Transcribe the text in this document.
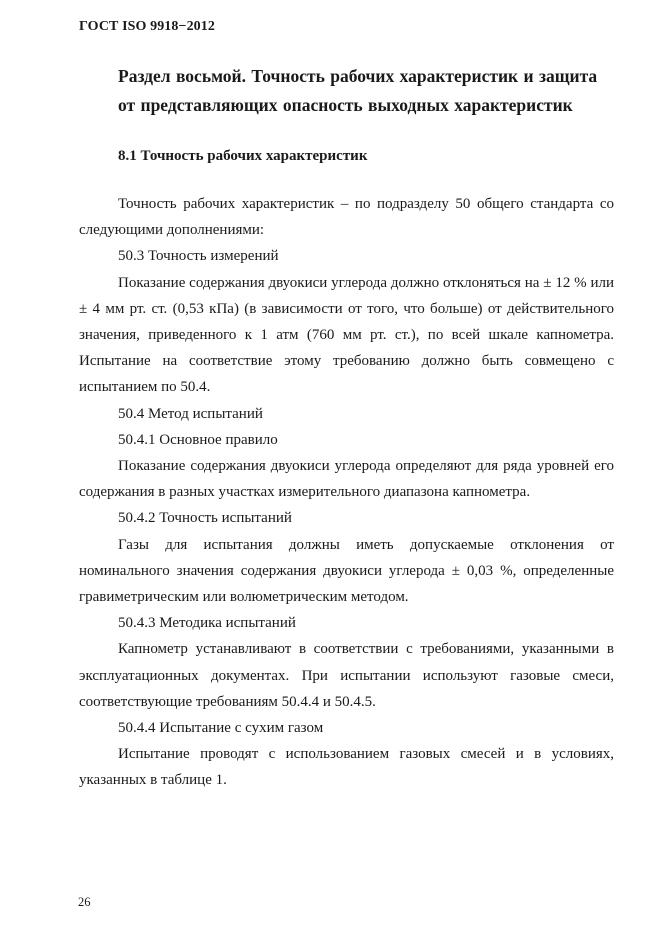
ГОСТ ISO 9918−2012
Раздел восьмой. Точность рабочих характеристик и защита от представляющих опасность выходных характеристик
8.1 Точность рабочих характеристик

Точность рабочих характеристик – по подразделу 50 общего стандарта со следующими дополнениями:

50.3 Точность измерений

Показание содержания двуокиси углерода должно отклоняться на ± 12 % или ± 4 мм рт. ст. (0,53 кПа) (в зависимости от того, что больше) от действительного значения, приведенного к 1 атм (760 мм рт. ст.), по всей шкале капнометра. Испытание на соответствие этому требованию должно быть совмещено с испытанием по 50.4.

50.4 Метод испытаний

50.4.1 Основное правило

Показание содержания двуокиси углерода определяют для ряда уровней его содержания в разных участках измерительного диапазона капнометра.

50.4.2 Точность испытаний

Газы для испытания должны иметь допускаемые отклонения от номинального значения содержания двуокиси углерода ± 0,03 %, определенные гравиметрическим или волюметрическим методом.

50.4.3 Методика испытаний

Капнометр устанавливают в соответствии с требованиями, указанными в эксплуатационных документах. При испытании используют газовые смеси, соответствующие требованиям 50.4.4 и 50.4.5.

50.4.4 Испытание с сухим газом

Испытание проводят с использованием газовых смесей и в условиях, указанных в таблице 1.

26
